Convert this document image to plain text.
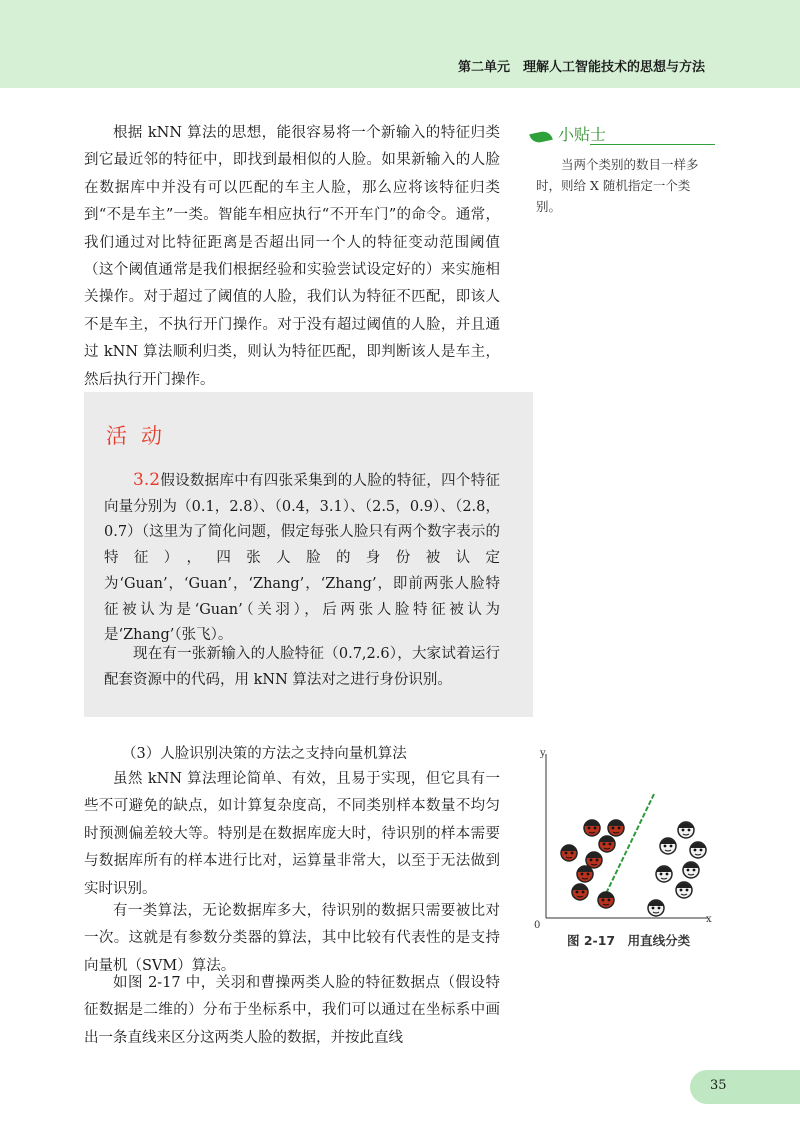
第二单元　理解人工智能技术的思想与方法

根据 kNN 算法的思想，能很容易将一个新输入的特征归类到它最近邻的特征中，即找到最相似的人脸。如果新输入的人脸在数据库中并没有可以匹配的车主人脸，那么应将该特征归类到“不是车主”一类。智能车相应执行“不开车门”的命令。通常，我们通过对比特征距离是否超出同一个人的特征变动范围阈值（这个阈值通常是我们根据经验和实验尝试设定好的）来实施相关操作。对于超过了阈值的人脸，我们认为特征不匹配，即该人不是车主，不执行开门操作。对于没有超过阈值的人脸，并且通过 kNN 算法顺利归类，则认为特征匹配，即判断该人是车主，然后执行开门操作。

小贴士
当两个类别的数目一样多时，则给 X 随机指定一个类别。
活动

3.2假设数据库中有四张采集到的人脸的特征，四个特征向量分别为（0.1，2.8）、（0.4，3.1）、（2.5，0.9）、（2.8，0.7）（这里为了简化问题，假定每张人脸只有两个数字表示的特征），四张人脸的身份被认定为‘Guan’，‘Guan’，‘Zhang’，‘Zhang’，即前两张人脸特征被认为是‘Guan’（关羽），后两张人脸特征被认为是‘Zhang’（张飞）。

现在有一张新输入的人脸特征（0.7,2.6），大家试着运行配套资源中的代码，用 kNN 算法对之进行身份识别。

（3）人脸识别决策的方法之支持向量机算法

虽然 kNN 算法理论简单、有效，且易于实现，但它具有一些不可避免的缺点，如计算复杂度高，不同类别样本数量不均匀时预测偏差较大等。特别是在数据库庞大时，待识别的样本需要与数据库所有的样本进行比对，运算量非常大，以至于无法做到实时识别。

有一类算法，无论数据库多大，待识别的数据只需要被比对一次。这就是有参数分类器的算法，其中比较有代表性的是支持向量机（SVM）算法。

如图 2-17 中，关羽和曹操两类人脸的特征数据点（假设特征数据是二维的）分布于坐标系中，我们可以通过在坐标系中画出一条直线来区分这两类人脸的数据，并按此直线

y
x
0
图 2-17　用直线分类
35
